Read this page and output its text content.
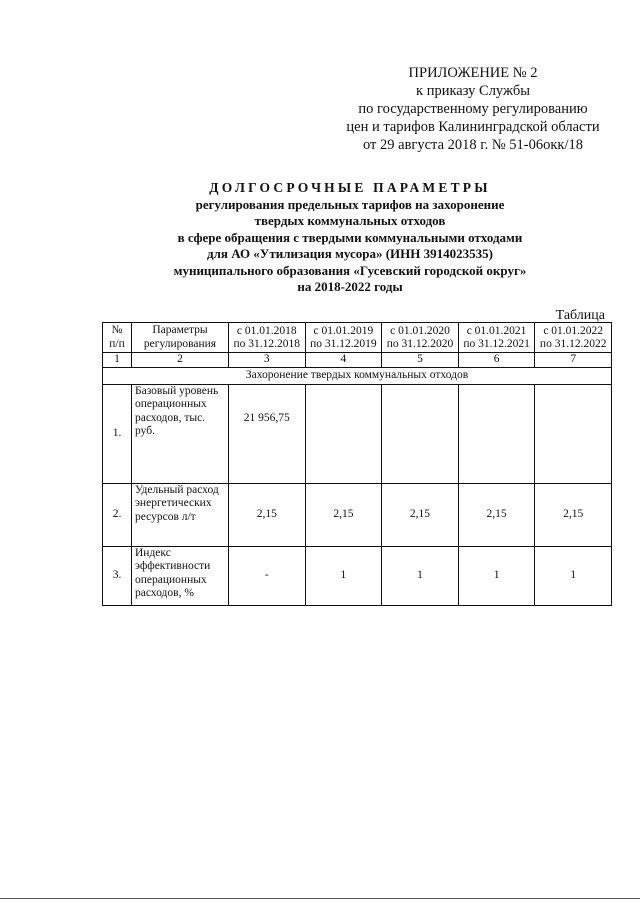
ПРИЛОЖЕНИЕ № 2
к приказу Службы
по государственному регулированию
цен и тарифов Калининградской области
от 29 августа 2018 г. № 51-06окк/18
ДОЛГОСРОЧНЫЕ ПАРАМЕТРЫ
регулирования предельных тарифов на захоронение
твердых коммунальных отходов
в сфере обращения с твердыми коммунальными отходами
для АО «Утилизация мусора» (ИНН 3914023535)
муниципального образования «Гусевский городской округ»
на 2018-2022 годы
Таблица
№ п/п	Параметры регулирования	с 01.01.2018 по 31.12.2018	с 01.01.2019 по 31.12.2019	с 01.01.2020 по 31.12.2020	с 01.01.2021 по 31.12.2021	с 01.01.2022 по 31.12.2022
1	2	3	4	5	6	7
Захоронение твердых коммунальных отходов						
1.	Базовый уровень операционных расходов, тыс. руб.	21 956,75				
2.	Удельный расход энергетических ресурсов л/т	2,15	2,15	2,15	2,15	2,15
3.	Индекс эффективности операционных расходов, %	-	1	1	1	1
